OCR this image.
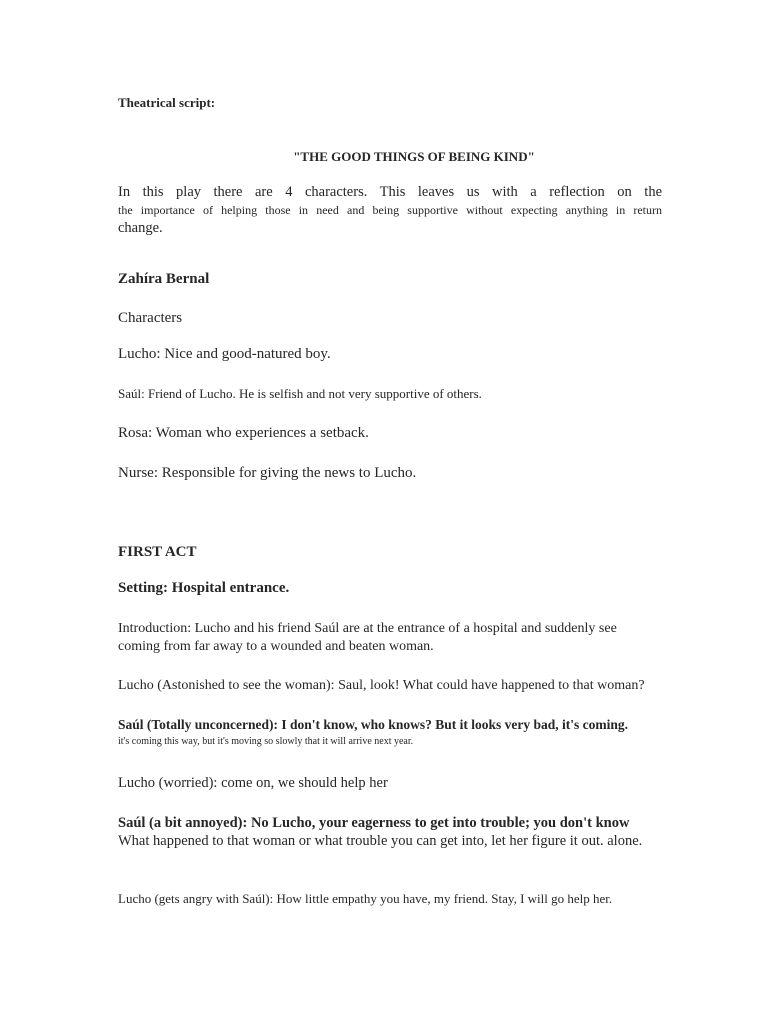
Theatrical script:

"THE GOOD THINGS OF BEING KIND"

In this play there are 4 characters. This leaves us with a reflection on the

the importance of helping those in need and being supportive without expecting anything in return

change.

Zahíra Bernal

Characters

Lucho: Nice and good-natured boy.

Saúl: Friend of Lucho. He is selfish and not very supportive of others.

Rosa: Woman who experiences a setback.

Nurse: Responsible for giving the news to Lucho.

FIRST ACT

Setting: Hospital entrance.

Introduction: Lucho and his friend Saúl are at the entrance of a hospital and suddenly see coming from far away to a wounded and beaten woman.

Lucho (Astonished to see the woman): Saul, look! What could have happened to that woman?

Saúl (Totally unconcerned): I don't know, who knows? But it looks very bad, it's coming.

it's coming this way, but it's moving so slowly that it will arrive next year.

Lucho (worried): come on, we should help her

Saúl (a bit annoyed): No Lucho, your eagerness to get into trouble; you don't know

What happened to that woman or what trouble you can get into, let her figure it out. alone.

Lucho (gets angry with Saúl): How little empathy you have, my friend. Stay, I will go help her.
